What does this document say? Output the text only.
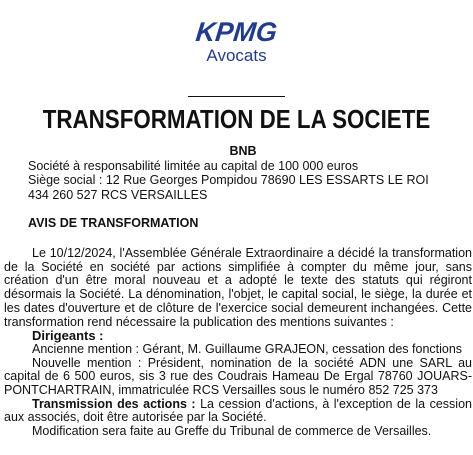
KPMG
Avocats
TRANSFORMATION DE LA SOCIETE
BNB
Société à responsabilité limitée au capital de 100 000 euros
Siège social : 12 Rue Georges Pompidou 78690 LES ESSARTS LE ROI
434 260 527 RCS VERSAILLES
AVIS DE TRANSFORMATION

Le 10/12/2024, l'Assemblée Générale Extraordinaire a décidé la transformation de la Société en société par actions simplifiée à compter du même jour, sans création d'un être moral nouveau et a adopté le texte des statuts qui régiront désormais la Société. La dénomination, l'objet, le capital social, le siège, la durée et les dates d'ouverture et de clôture de l'exercice social demeurent inchangées. Cette transformation rend nécessaire la publication des mentions suivantes :

Dirigeants :

Ancienne mention : Gérant, M. Guillaume GRAJEON, cessation des fonctions

Nouvelle mention : Président, nomination de la société ADN une SARL au capital de 6 500 euros, sis 3 rue des Coudrais Hameau De Ergal 78760 JOUARS-PONTCHARTRAIN, immatriculée RCS Versailles sous le numéro 852 725 373

Transmission des actions : La cession d'actions, à l'exception de la cession aux associés, doit être autorisée par la Société.

Modification sera faite au Greffe du Tribunal de commerce de Versailles.
